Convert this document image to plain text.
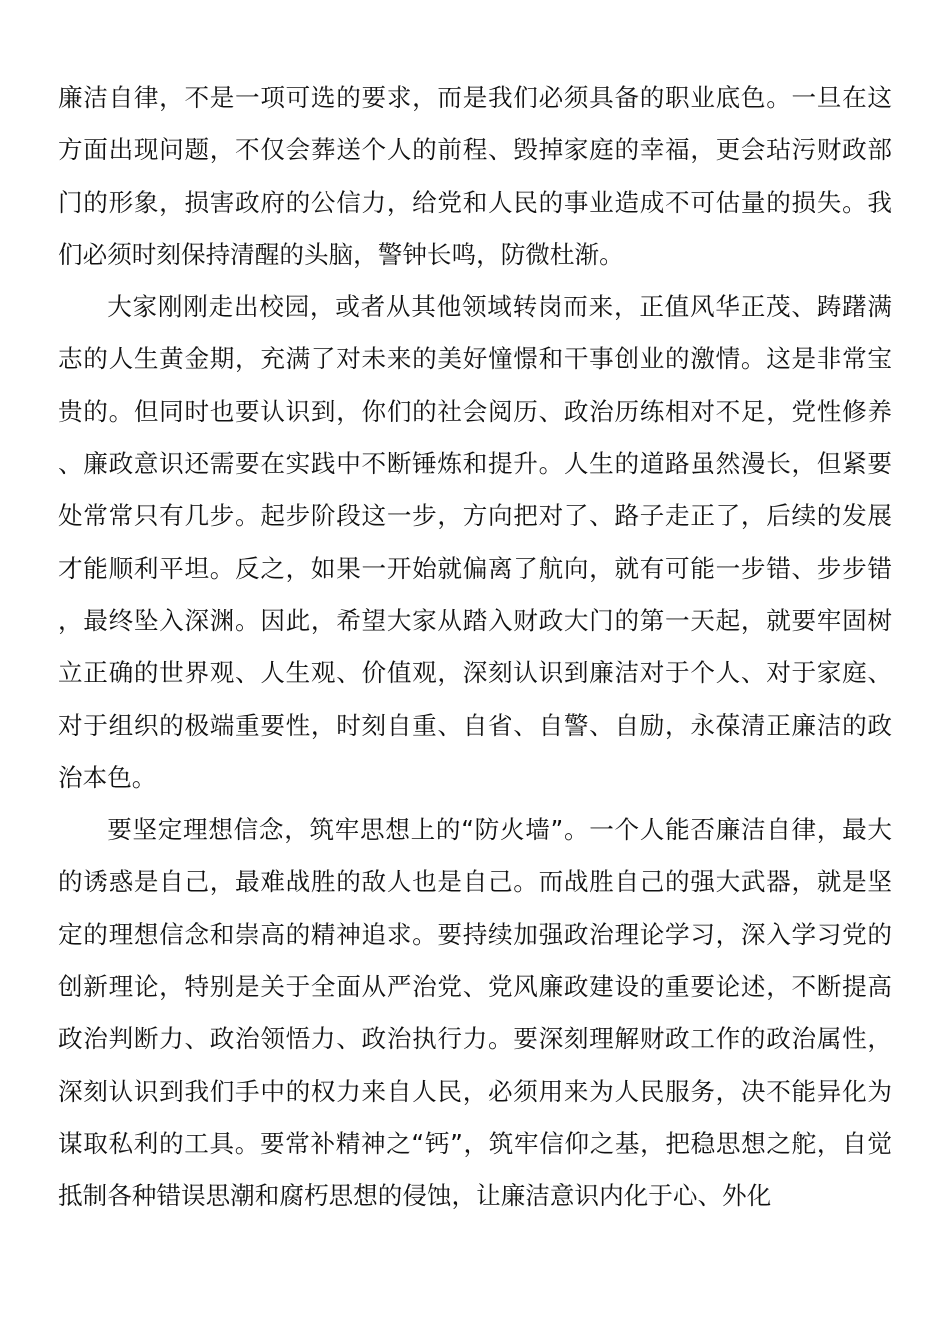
廉洁自律，不是一项可选的要求，而是我们必须具备的职业底色。一旦在这方面出现问题，不仅会葬送个人的前程、毁掉家庭的幸福，更会玷污财政部门的形象，损害政府的公信力，给党和人民的事业造成不可估量的损失。我们必须时刻保持清醒的头脑，警钟长鸣，防微杜渐。

大家刚刚走出校园，或者从其他领域转岗而来，正值风华正茂、踌躇满志的人生黄金期，充满了对未来的美好憧憬和干事创业的激情。这是非常宝贵的。但同时也要认识到，你们的社会阅历、政治历练相对不足，党性修养、廉政意识还需要在实践中不断锤炼和提升。人生的道路虽然漫长，但紧要处常常只有几步。起步阶段这一步，方向把对了、路子走正了，后续的发展才能顺利平坦。反之，如果一开始就偏离了航向，就有可能一步错、步步错，最终坠入深渊。因此，希望大家从踏入财政大门的第一天起，就要牢固树立正确的世界观、人生观、价值观，深刻认识到廉洁对于个人、对于家庭、对于组织的极端重要性，时刻自重、自省、自警、自励，永葆清正廉洁的政治本色。

要坚定理想信念，筑牢思想上的“防火墙”。一个人能否廉洁自律，最大的诱惑是自己，最难战胜的敌人也是自己。而战胜自己的强大武器，就是坚定的理想信念和崇高的精神追求。要持续加强政治理论学习，深入学习党的创新理论，特别是关于全面从严治党、党风廉政建设的重要论述，不断提高政治判断力、政治领悟力、政治执行力。要深刻理解财政工作的政治属性，深刻认识到我们手中的权力来自人民，必须用来为人民服务，决不能异化为谋取私利的工具。要常补精神之“钙”，筑牢信仰之基，把稳思想之舵，自觉抵制各种错误思潮和腐朽思想的侵蚀，让廉洁意识内化于心、外化
